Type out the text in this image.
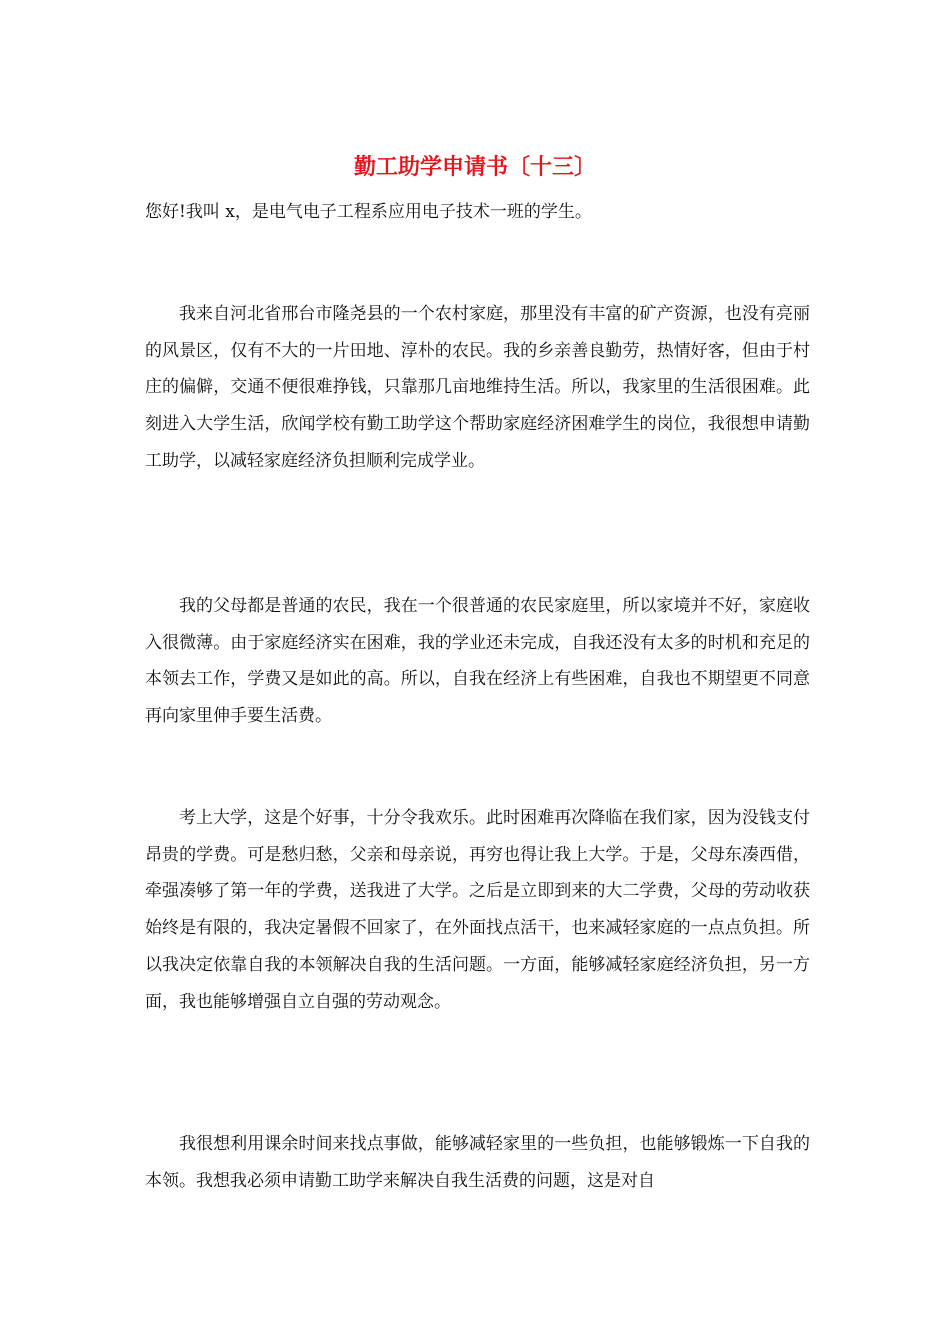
勤工助学申请书〔十三〕

您好!我叫 x，是电气电子工程系应用电子技术一班的学生。

我来自河北省邢台市隆尧县的一个农村家庭，那里没有丰富的矿产资源，也没有亮丽的风景区，仅有不大的一片田地、淳朴的农民。我的乡亲善良勤劳，热情好客，但由于村庄的偏僻，交通不便很难挣钱，只靠那几亩地维持生活。所以，我家里的生活很困难。此刻进入大学生活，欣闻学校有勤工助学这个帮助家庭经济困难学生的岗位，我很想申请勤工助学，以减轻家庭经济负担顺利完成学业。

我的父母都是普通的农民，我在一个很普通的农民家庭里，所以家境并不好，家庭收入很微薄。由于家庭经济实在困难，我的学业还未完成，自我还没有太多的时机和充足的本领去工作，学费又是如此的高。所以，自我在经济上有些困难，自我也不期望更不同意再向家里伸手要生活费。

考上大学，这是个好事，十分令我欢乐。此时困难再次降临在我们家，因为没钱支付昂贵的学费。可是愁归愁，父亲和母亲说，再穷也得让我上大学。于是，父母东凑西借，牵强凑够了第一年的学费，送我进了大学。之后是立即到来的大二学费，父母的劳动收获始终是有限的，我决定暑假不回家了，在外面找点活干，也来减轻家庭的一点点负担。所以我决定依靠自我的本领解决自我的生活问题。一方面，能够减轻家庭经济负担，另一方面，我也能够增强自立自强的劳动观念。

我很想利用课余时间来找点事做，能够减轻家里的一些负担，也能够锻炼一下自我的本领。我想我必须申请勤工助学来解决自我生活费的问题，这是对自
